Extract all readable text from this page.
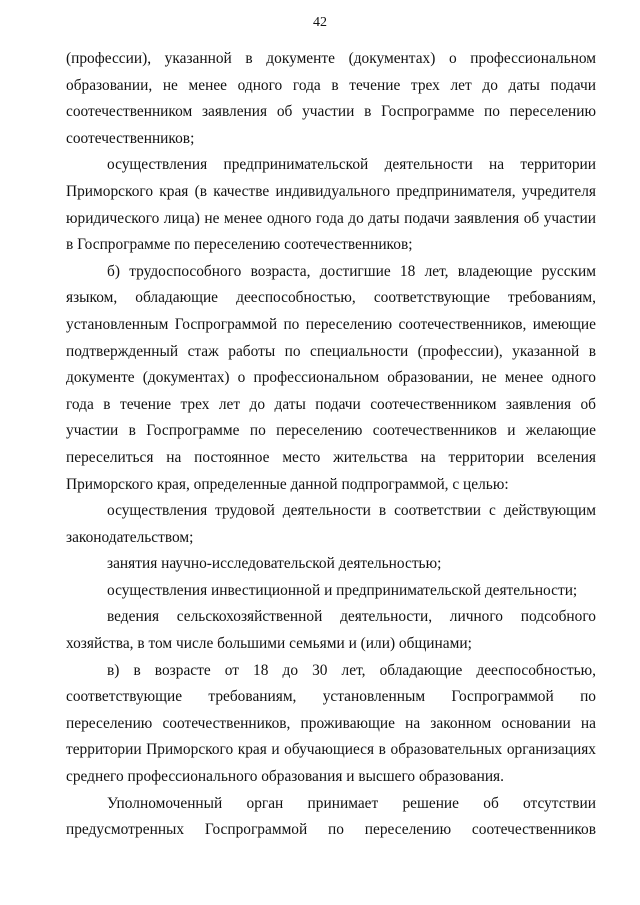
42

(профессии), указанной в документе (документах) о профессиональном образовании, не менее одного года в течение трех лет до даты подачи соотечественником заявления об участии в Госпрограмме по переселению соотечественников;

осуществления предпринимательской деятельности на территории Приморского края (в качестве индивидуального предпринимателя, учредителя юридического лица) не менее одного года до даты подачи заявления об участии в Госпрограмме по переселению соотечественников;

б) трудоспособного возраста, достигшие 18 лет, владеющие русским языком, обладающие дееспособностью, соответствующие требованиям, установленным Госпрограммой по переселению соотечественников, имеющие подтвержденный стаж работы по специальности (профессии), указанной в документе (документах) о профессиональном образовании, не менее одного года в течение трех лет до даты подачи соотечественником заявления об участии в Госпрограмме по переселению соотечественников и желающие переселиться на постоянное место жительства на территории вселения Приморского края, определенные данной подпрограммой, с целью:

осуществления трудовой деятельности в соответствии с действующим законодательством;

занятия научно-исследовательской деятельностью;

осуществления инвестиционной и предпринимательской деятельности;

ведения сельскохозяйственной деятельности, личного подсобного хозяйства, в том числе большими семьями и (или) общинами;

в) в возрасте от 18 до 30 лет, обладающие дееспособностью, соответствующие требованиям, установленным Госпрограммой по переселению соотечественников, проживающие на законном основании на территории Приморского края и обучающиеся в образовательных организациях среднего профессионального образования и высшего образования.

Уполномоченный орган принимает решение об отсутствии предусмотренных Госпрограммой по переселению соотечественников
